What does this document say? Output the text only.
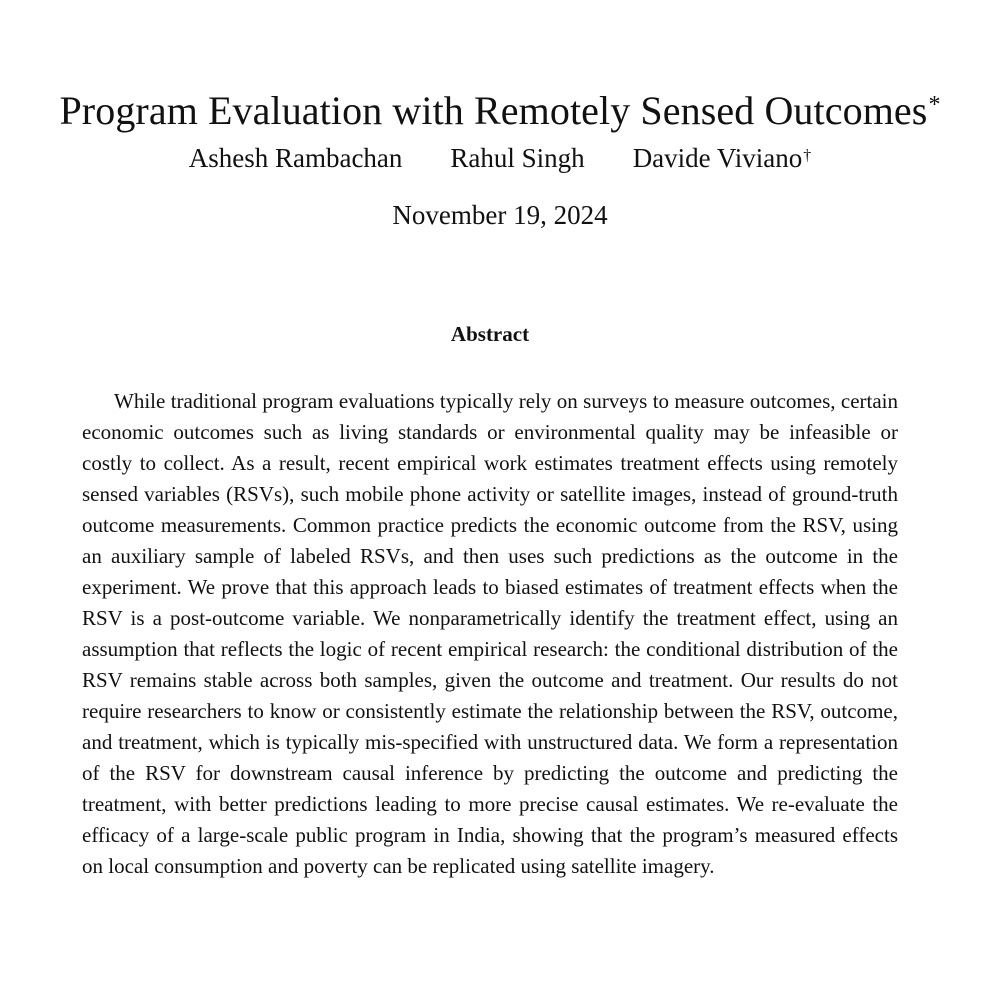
Program Evaluation with Remotely Sensed Outcomes*
Ashesh Rambachan Rahul Singh Davide Viviano†
November 19, 2024
Abstract

While traditional program evaluations typically rely on surveys to measure outcomes, certain economic outcomes such as living standards or environmental quality may be infeasible or costly to collect. As a result, recent empirical work estimates treatment effects using remotely sensed variables (RSVs), such mobile phone activity or satellite images, instead of ground-truth outcome measurements. Common practice predicts the economic outcome from the RSV, using an auxiliary sample of labeled RSVs, and then uses such predictions as the outcome in the experiment. We prove that this approach leads to biased estimates of treatment effects when the RSV is a post-outcome variable. We nonparametrically identify the treatment effect, using an assumption that reflects the logic of recent empirical research: the conditional distribution of the RSV remains stable across both samples, given the outcome and treatment. Our results do not require researchers to know or consistently estimate the relationship between the RSV, outcome, and treatment, which is typically mis-specified with unstructured data. We form a representation of the RSV for downstream causal inference by predicting the outcome and predicting the treatment, with better predictions leading to more precise causal estimates. We re-evaluate the efficacy of a large-scale public program in India, showing that the program’s measured effects on local consumption and poverty can be replicated using satellite imagery.
